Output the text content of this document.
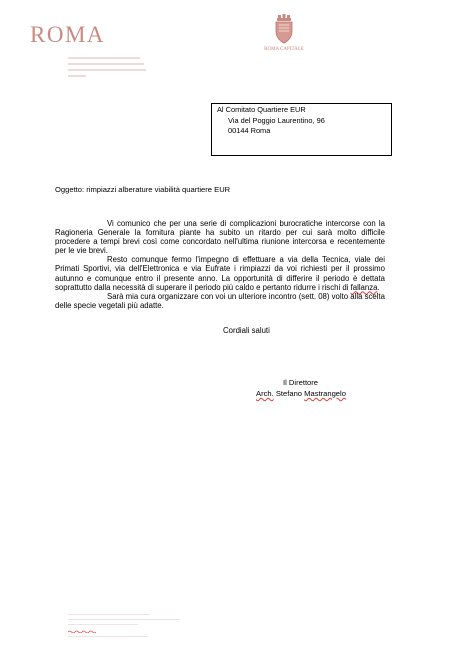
ROMA
ROMA CAPITALE
Al Comitato Quartiere EUR
Via del Poggio Laurentino, 96
00144 Roma
Oggetto: rimpiazzi alberature viabilità quartiere EUR

Vi comunico che per una serie di complicazioni burocratiche intercorse con la Ragioneria Generale la fornitura piante ha subito un ritardo per cui sarà molto difficile procedere a tempi brevi così come concordato nell'ultima riunione intercorsa e recentemente per le vie brevi.

Resto comunque fermo l'impegno di effettuare a via della Tecnica, viale dei Primati Sportivi, via dell'Elettronica e via Eufrate i rimpiazzi da voi richiesti per il prossimo autunno e comunque entro il presente anno. La opportunità di differire il periodo è dettata soprattutto dalla necessità di superare il periodo più caldo e pertanto ridurre i rischi di fallanza.

Sarà mia cura organizzare con voi un ulteriore incontro (sett. 08) volto alla scelta delle specie vegetali più adatte.

Cordiali saluti
Il Direttore
Arch. Stefano Mastrangelo
